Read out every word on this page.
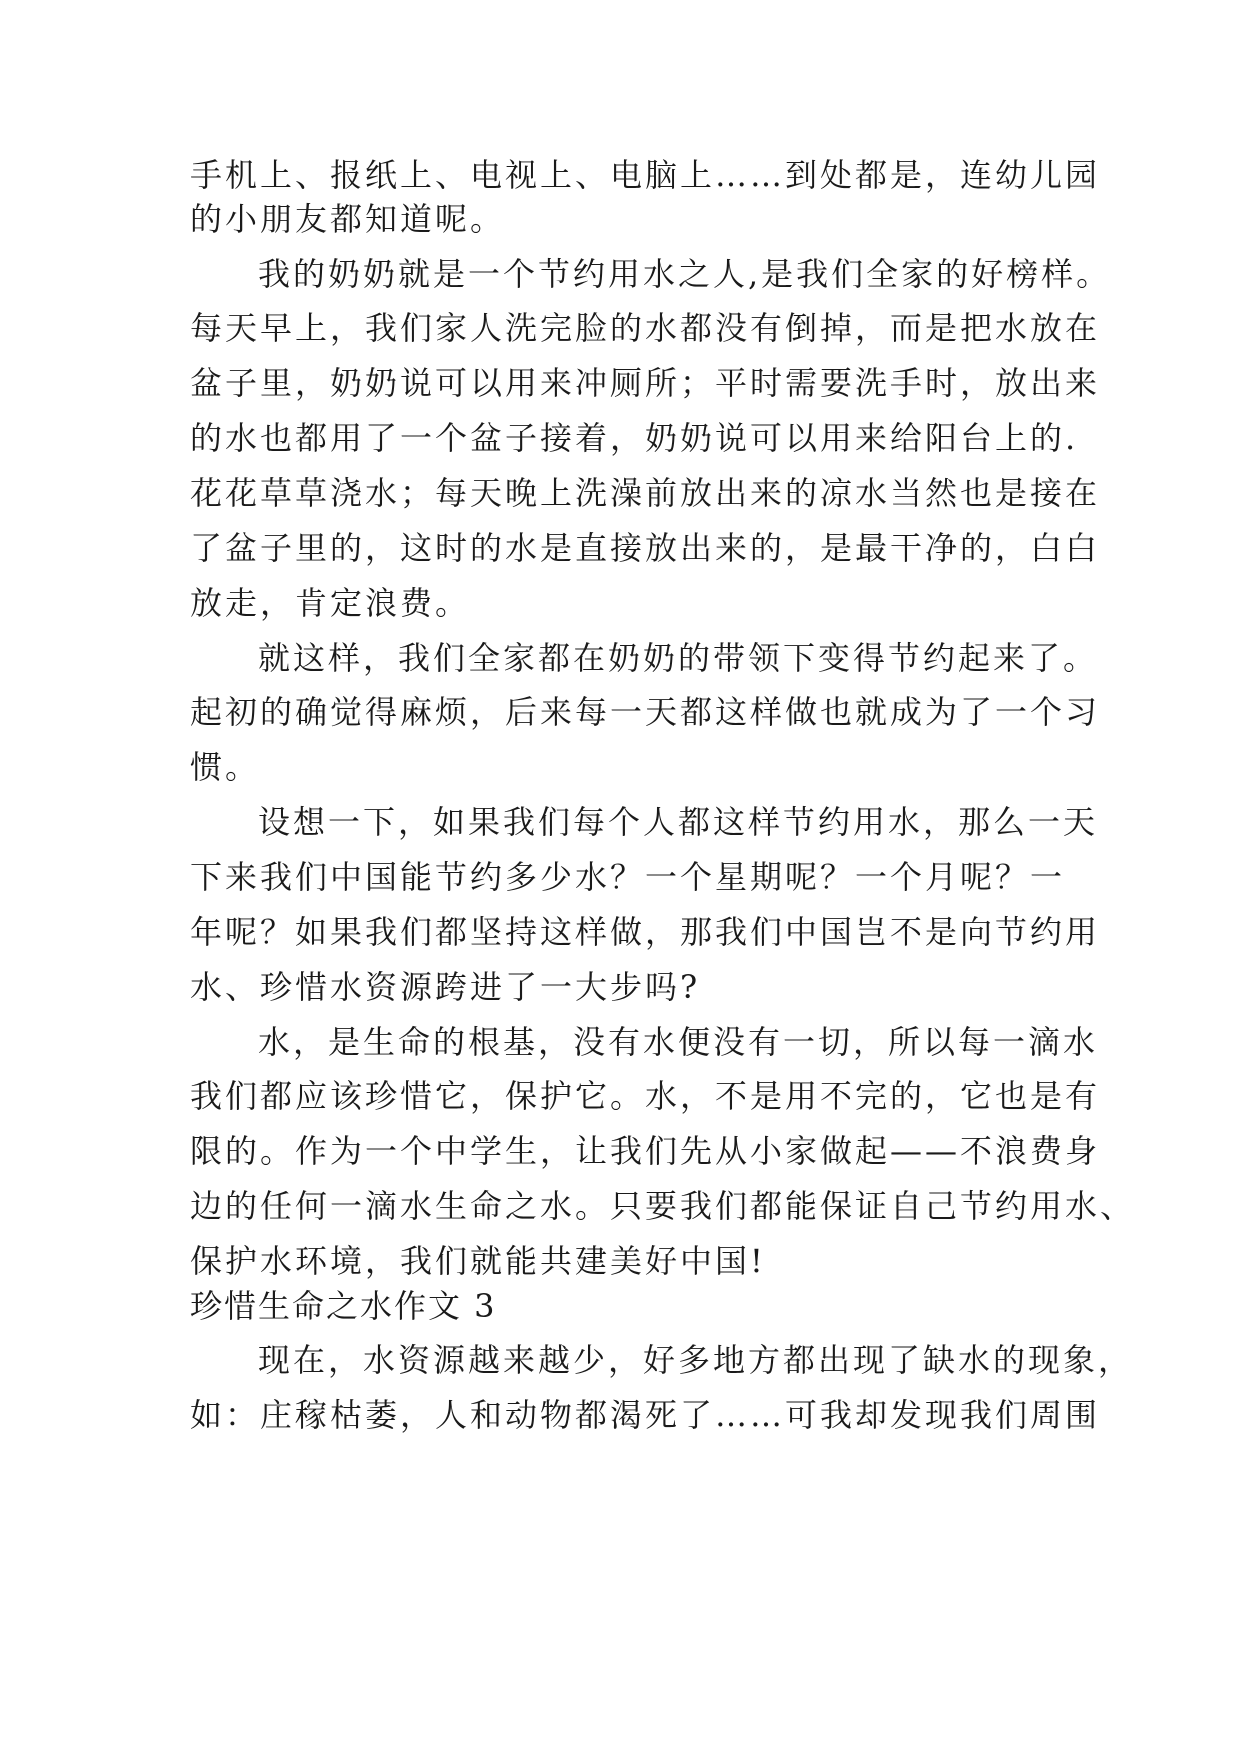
手机上、报纸上、电视上、电脑上……到处都是，连幼儿园
的小朋友都知道呢。
我的奶奶就是一个节约用水之人,是我们全家的好榜样。
每天早上，我们家人洗完脸的水都没有倒掉，而是把水放在
盆子里，奶奶说可以用来冲厕所；平时需要洗手时，放出来
的水也都用了一个盆子接着，奶奶说可以用来给阳台上的.
花花草草浇水；每天晚上洗澡前放出来的凉水当然也是接在
了盆子里的，这时的水是直接放出来的，是最干净的，白白
放走，肯定浪费。
就这样，我们全家都在奶奶的带领下变得节约起来了。
起初的确觉得麻烦，后来每一天都这样做也就成为了一个习
惯。
设想一下，如果我们每个人都这样节约用水，那么一天
下来我们中国能节约多少水？一个星期呢？一个月呢？一
年呢？如果我们都坚持这样做，那我们中国岂不是向节约用
水、珍惜水资源跨进了一大步吗?
水，是生命的根基，没有水便没有一切，所以每一滴水
我们都应该珍惜它，保护它。水，不是用不完的，它也是有
限的。作为一个中学生，让我们先从小家做起——不浪费身
边的任何一滴水生命之水。只要我们都能保证自己节约用水、
保护水环境，我们就能共建美好中国!
珍惜生命之水作文 3
现在，水资源越来越少，好多地方都出现了缺水的现象，
如：庄稼枯萎，人和动物都渴死了……可我却发现我们周围
